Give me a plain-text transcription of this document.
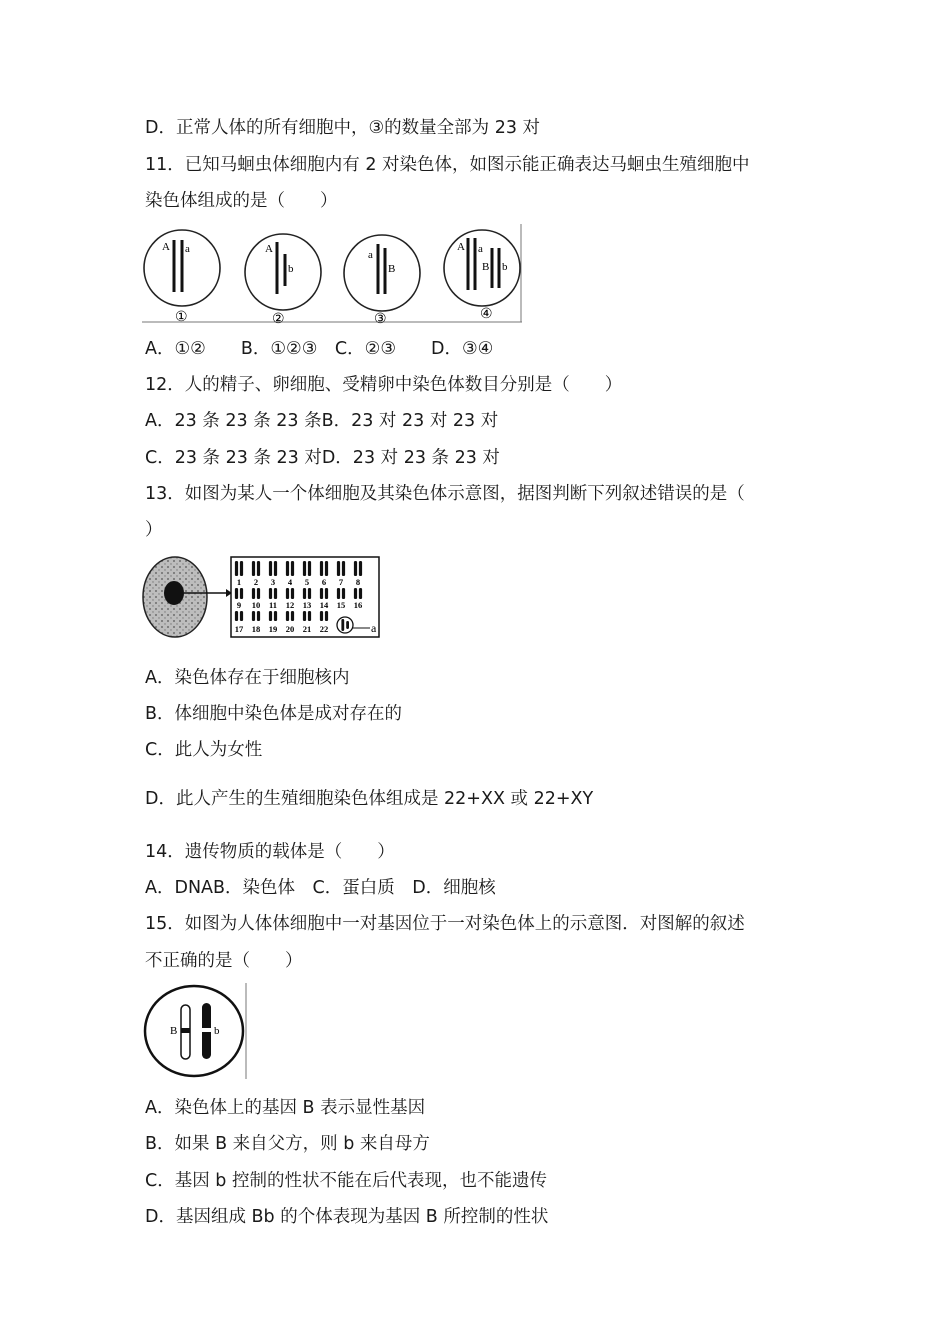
D．正常人体的所有细胞中，③的数量全部为 23 对
11．已知马蛔虫体细胞内有 2 对染色体，如图示能正确表达马蛔虫生殖细胞中
染色体组成的是（　　）
A a
①
A
b
②
a
B
③
A a
B b
④
A．①②　　B．①②③　C．②③　　D．③④
12．人的精子、卵细胞、受精卵中染色体数目分别是（　　）
A．23 条 23 条 23 条B．23 对 23 对 23 对
C．23 条 23 条 23 对D．23 对 23 条 23 对
13．如图为某人一个体细胞及其染色体示意图，据图判断下列叙述错误的是（
）
1 2 3 4 5 6 7 8
9 10 11 12 13 14 15 16
17 18 19 20 21 22	a
A．染色体存在于细胞核内
B．体细胞中染色体是成对存在的
C．此人为女性
D．此人产生的生殖细胞染色体组成是 22+XX 或 22+XY
14．遗传物质的载体是（　　）
A．DNAB．染色体　C．蛋白质　D．细胞核
15．如图为人体体细胞中一对基因位于一对染色体上的示意图．对图解的叙述
不正确的是（　　）
B	b
A．染色体上的基因 B 表示显性基因
B．如果 B 来自父方，则 b 来自母方
C．基因 b 控制的性状不能在后代表现，也不能遗传
D．基因组成 Bb 的个体表现为基因 B 所控制的性状
